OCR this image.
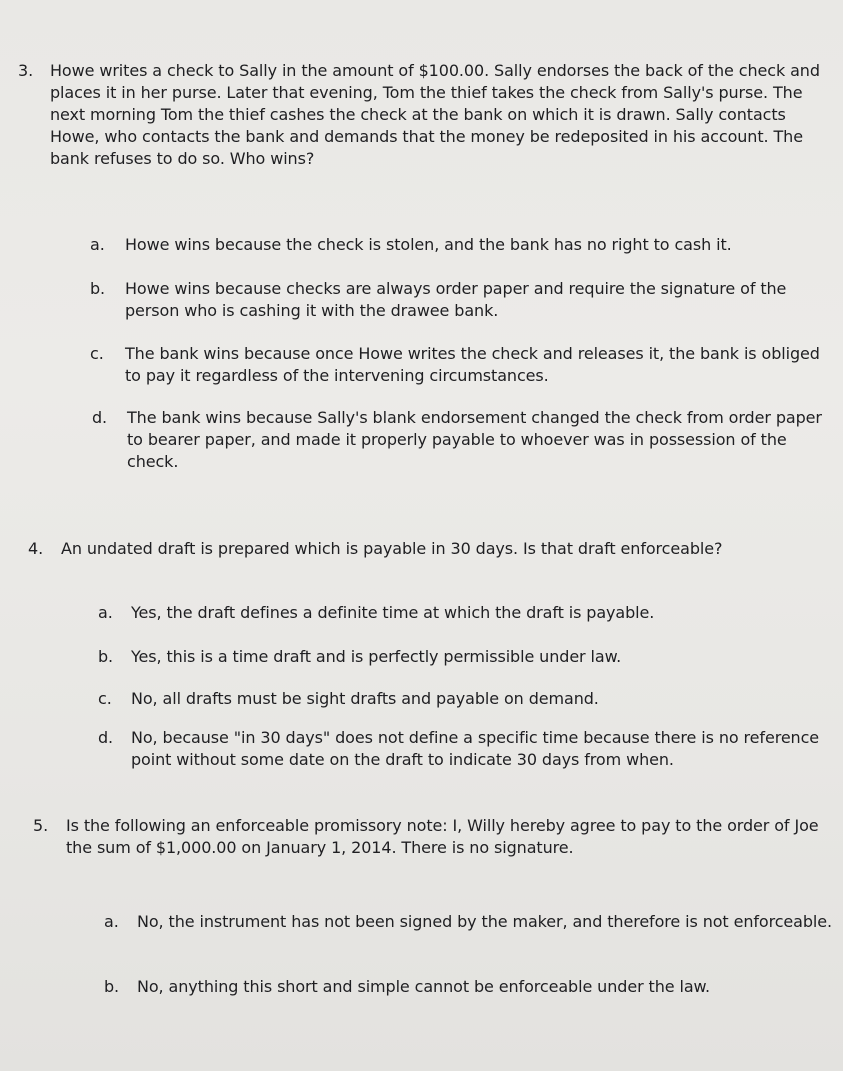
3. Howe writes a check to Sally in the amount of $100.00. Sally endorses the back of the check and places it in her purse. Later that evening, Tom the thief takes the check from Sally's purse. The next morning Tom the thief cashes the check at the bank on which it is drawn. Sally contacts Howe, who contacts the bank and demands that the money be redeposited in his account. The bank refuses to do so. Who wins?
a. Howe wins because the check is stolen, and the bank has no right to cash it.
b. Howe wins because checks are always order paper and require the signature of the person who is cashing it with the drawee bank.
c. The bank wins because once Howe writes the check and releases it, the bank is obliged to pay it regardless of the intervening circumstances.
d. The bank wins because Sally's blank endorsement changed the check from order paper to bearer paper, and made it properly payable to whoever was in possession of the check.
4. An undated draft is prepared which is payable in 30 days. Is that draft enforceable?
a. Yes, the draft defines a definite time at which the draft is payable.
b. Yes, this is a time draft and is perfectly permissible under law.
c. No, all drafts must be sight drafts and payable on demand.
d. No, because "in 30 days" does not define a specific time because there is no reference point without some date on the draft to indicate 30 days from when.
5. Is the following an enforceable promissory note: I, Willy hereby agree to pay to the order of Joe the sum of $1,000.00 on January 1, 2014. There is no signature.
a. No, the instrument has not been signed by the maker, and therefore is not enforceable.
b. No, anything this short and simple cannot be enforceable under the law.
